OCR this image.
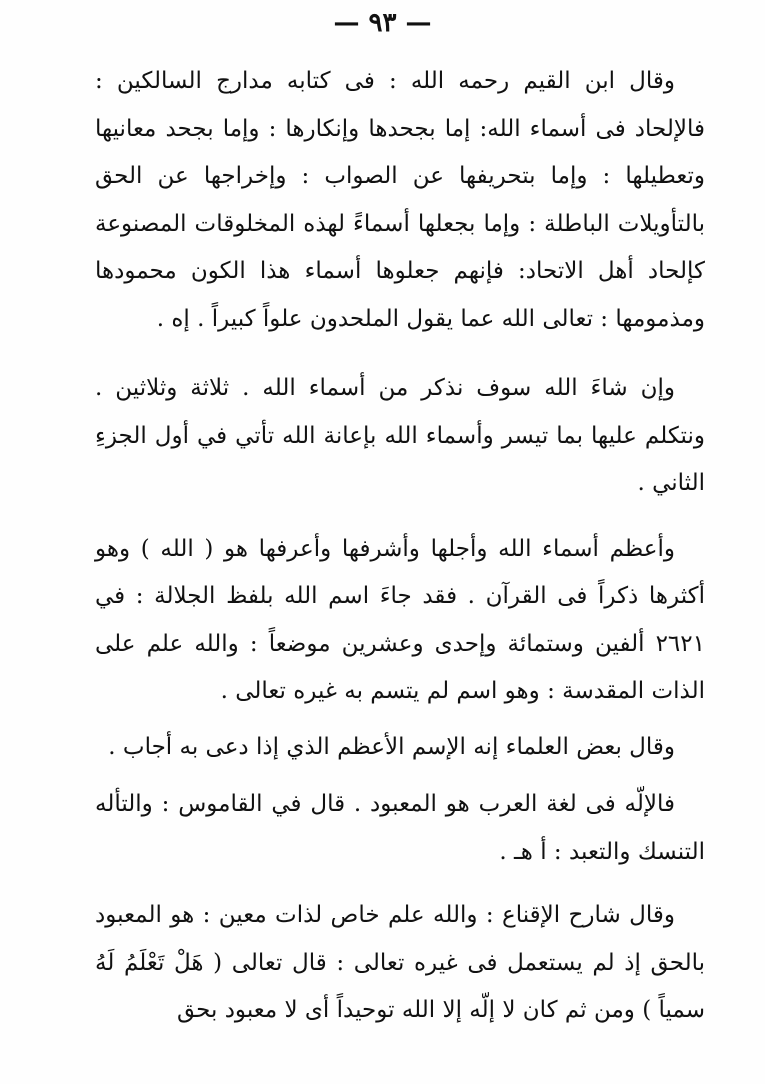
— ٩٣ —

وقال ابن القيم رحمه الله : فى كتابه مدارج السالكين : فالإلحاد فى أسماء الله: إما بجحدها وإنكارها : وإما بجحد معانيها وتعطيلها : وإما بتحريفها عن الصواب : وإخراجها عن الحق بالتأويلات الباطلة : وإما بجعلها أسماءً لهذه المخلوقات المصنوعة كإلحاد أهل الاتحاد: فإنهم جعلوها أسماء هذا الكون محمودها ومذمومها : تعالى الله عما يقول الملحدون علواً كبيراً . إه .

وإن شاءَ الله سوف نذكر من أسماء الله . ثلاثة وثلاثين . ونتكلم عليها بما تيسر وأسماء الله بإعانة الله تأتي في أول الجزءِ الثاني .

وأعظم أسماء الله وأجلها وأشرفها وأعرفها هو ( الله ) وهو أكثرها ذكراً فى القرآن . فقد جاءَ اسم الله بلفظ الجلالة : في ٢٦٢١ ألفين وستمائة وإحدى وعشرين موضعاً : والله علم على الذات المقدسة : وهو اسم لم يتسم به غيره تعالى .

وقال بعض العلماء إنه الإسم الأعظم الذي إذا دعى به أجاب .

فالإلّه فى لغة العرب هو المعبود . قال في القاموس : والتأله التنسك والتعبد : أ هـ .

وقال شارح الإقناع : والله علم خاص لذات معين : هو المعبود بالحق إذ لم يستعمل فى غيره تعالى : قال تعالى ( هَلْ تَعْلَمُ لَهُ سمياً ) ومن ثم كان لا إلّه إلا الله توحيداً أى لا معبود بحق
